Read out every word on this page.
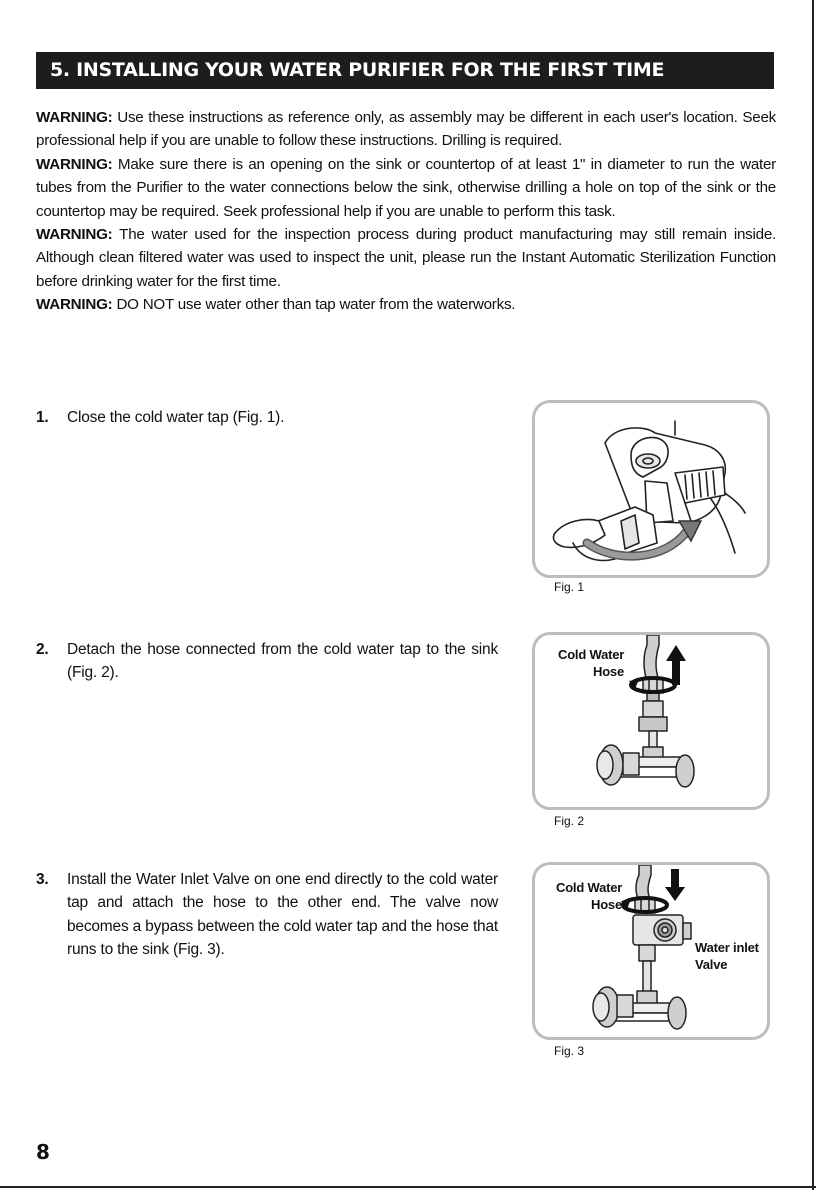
5. INSTALLING YOUR WATER PURIFIER FOR THE FIRST TIME

WARNING: Use these instructions as reference only, as assembly may be different in each user's location. Seek professional help if you are unable to follow these instructions. Drilling is required.

WARNING: Make sure there is an opening on the sink or countertop of at least 1" in diameter to run the water tubes from the Purifier to the water connections below the sink, otherwise drilling a hole on top of the sink or the countertop may be required. Seek professional help if you are unable to perform this task.

WARNING: The water used for the inspection process during product manufacturing may still remain inside. Although clean filtered water was used to inspect the unit, please run the Instant Automatic Sterilization Function before drinking water for the first time.

WARNING: DO NOT use water other than tap water from the waterworks.

1. Close the cold water tap (Fig. 1).
Fig. 1
2. Detach the hose connected from the cold water tap to the sink (Fig. 2).
Cold Water
Hose
Fig. 2
3. Install the Water Inlet Valve on one end directly to the cold water tap and attach the hose to the other end. The valve now becomes a bypass between the cold water tap and the hose that runs to the sink (Fig. 3).
Cold Water
Hose
Water inlet
Valve
Fig. 3
8
